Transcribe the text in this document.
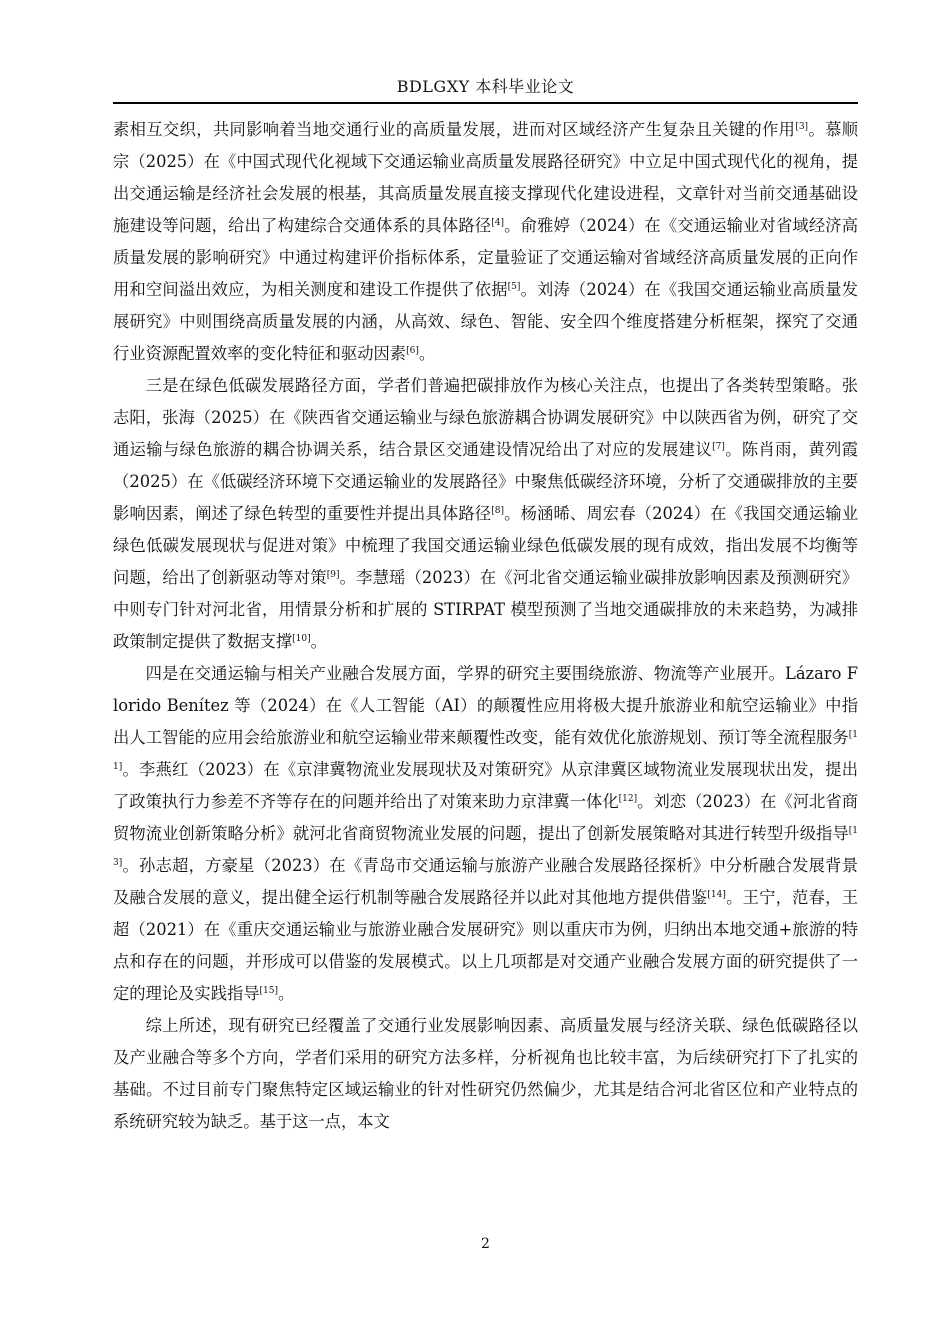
BDLGXY 本科毕业论文

素相互交织，共同影响着当地交通行业的高质量发展，进而对区域经济产生复杂且关键的作用[3]。慕顺宗（2025）在《中国式现代化视域下交通运输业高质量发展路径研究》中立足中国式现代化的视角，提出交通运输是经济社会发展的根基，其高质量发展直接支撑现代化建设进程，文章针对当前交通基础设施建设等问题，给出了构建综合交通体系的具体路径[4]。俞雅婷（2024）在《交通运输业对省域经济高质量发展的影响研究》中通过构建评价指标体系，定量验证了交通运输对省域经济高质量发展的正向作用和空间溢出效应，为相关测度和建设工作提供了依据[5]。刘涛（2024）在《我国交通运输业高质量发展研究》中则围绕高质量发展的内涵，从高效、绿色、智能、安全四个维度搭建分析框架，探究了交通行业资源配置效率的变化特征和驱动因素[6]。

三是在绿色低碳发展路径方面，学者们普遍把碳排放作为核心关注点，也提出了各类转型策略。张志阳，张海（2025）在《陕西省交通运输业与绿色旅游耦合协调发展研究》中以陕西省为例，研究了交通运输与绿色旅游的耦合协调关系，结合景区交通建设情况给出了对应的发展建议[7]。陈肖雨，黄列霞（2025）在《低碳经济环境下交通运输业的发展路径》中聚焦低碳经济环境，分析了交通碳排放的主要影响因素，阐述了绿色转型的重要性并提出具体路径[8]。杨涵晞、周宏春（2024）在《我国交通运输业绿色低碳发展现状与促进对策》中梳理了我国交通运输业绿色低碳发展的现有成效，指出发展不均衡等问题，给出了创新驱动等对策[9]。李慧瑶（2023）在《河北省交通运输业碳排放影响因素及预测研究》中则专门针对河北省，用情景分析和扩展的 STIRPAT 模型预测了当地交通碳排放的未来趋势，为减排政策制定提供了数据支撑[10]。

四是在交通运输与相关产业融合发展方面，学界的研究主要围绕旅游、物流等产业展开。Lázaro Florido Benítez 等（2024）在《人工智能（AI）的颠覆性应用将极大提升旅游业和航空运输业》中指出人工智能的应用会给旅游业和航空运输业带来颠覆性改变，能有效优化旅游规划、预订等全流程服务[11]。李燕红（2023）在《京津冀物流业发展现状及对策研究》从京津冀区域物流业发展现状出发，提出了政策执行力参差不齐等存在的问题并给出了对策来助力京津冀一体化[12]。刘恋（2023）在《河北省商贸物流业创新策略分析》就河北省商贸物流业发展的问题，提出了创新发展策略对其进行转型升级指导[13]。孙志超，方豪星（2023）在《青岛市交通运输与旅游产业融合发展路径探析》中分析融合发展背景及融合发展的意义，提出健全运行机制等融合发展路径并以此对其他地方提供借鉴[14]。王宁，范春，王超（2021）在《重庆交通运输业与旅游业融合发展研究》则以重庆市为例，归纳出本地交通+旅游的特点和存在的问题，并形成可以借鉴的发展模式。以上几项都是对交通产业融合发展方面的研究提供了一定的理论及实践指导[15]。

综上所述，现有研究已经覆盖了交通行业发展影响因素、高质量发展与经济关联、绿色低碳路径以及产业融合等多个方向，学者们采用的研究方法多样，分析视角也比较丰富，为后续研究打下了扎实的基础。不过目前专门聚焦特定区域运输业的针对性研究仍然偏少，尤其是结合河北省区位和产业特点的系统研究较为缺乏。基于这一点，本文

2
